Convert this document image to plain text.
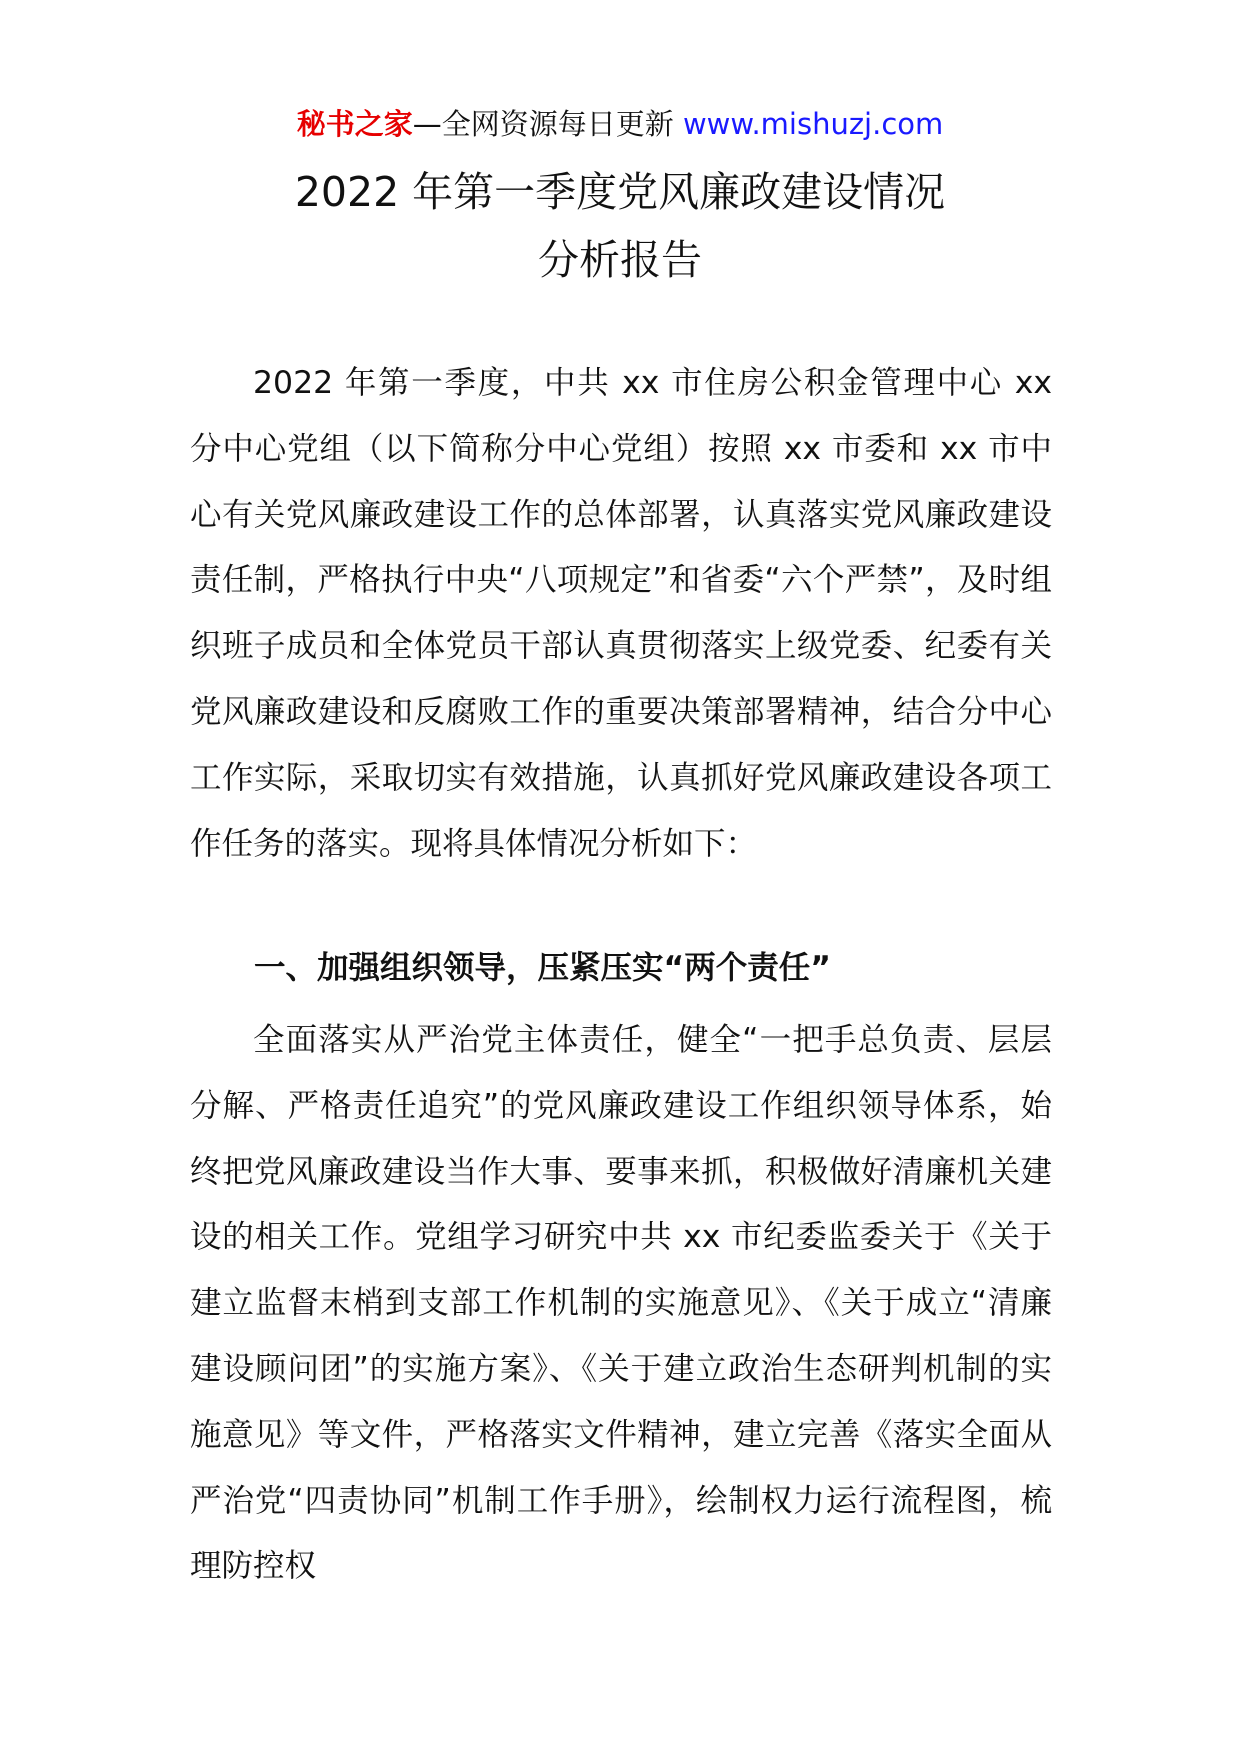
秘书之家—全网资源每日更新 www.mishuzj.com
2022 年第一季度党风廉政建设情况
分析报告

2022 年第一季度，中共 xx 市住房公积金管理中心 xx 分中心党组（以下简称分中心党组）按照 xx 市委和 xx 市中心有关党风廉政建设工作的总体部署，认真落实党风廉政建设责任制，严格执行中央“八项规定”和省委“六个严禁”，及时组织班子成员和全体党员干部认真贯彻落实上级党委、纪委有关党风廉政建设和反腐败工作的重要决策部署精神，结合分中心工作实际，采取切实有效措施，认真抓好党风廉政建设各项工作任务的落实。现将具体情况分析如下：

一、加强组织领导，压紧压实“两个责任”

全面落实从严治党主体责任，健全“一把手总负责、层层分解、严格责任追究”的党风廉政建设工作组织领导体系，始终把党风廉政建设当作大事、要事来抓，积极做好清廉机关建设的相关工作。党组学习研究中共 xx 市纪委监委关于《关于建立监督末梢到支部工作机制的实施意见》、《关于成立“清廉建设顾问团”的实施方案》、《关于建立政治生态研判机制的实施意见》等文件，严格落实文件精神，建立完善《落实全面从严治党“四责协同”机制工作手册》，绘制权力运行流程图，梳理防控权
